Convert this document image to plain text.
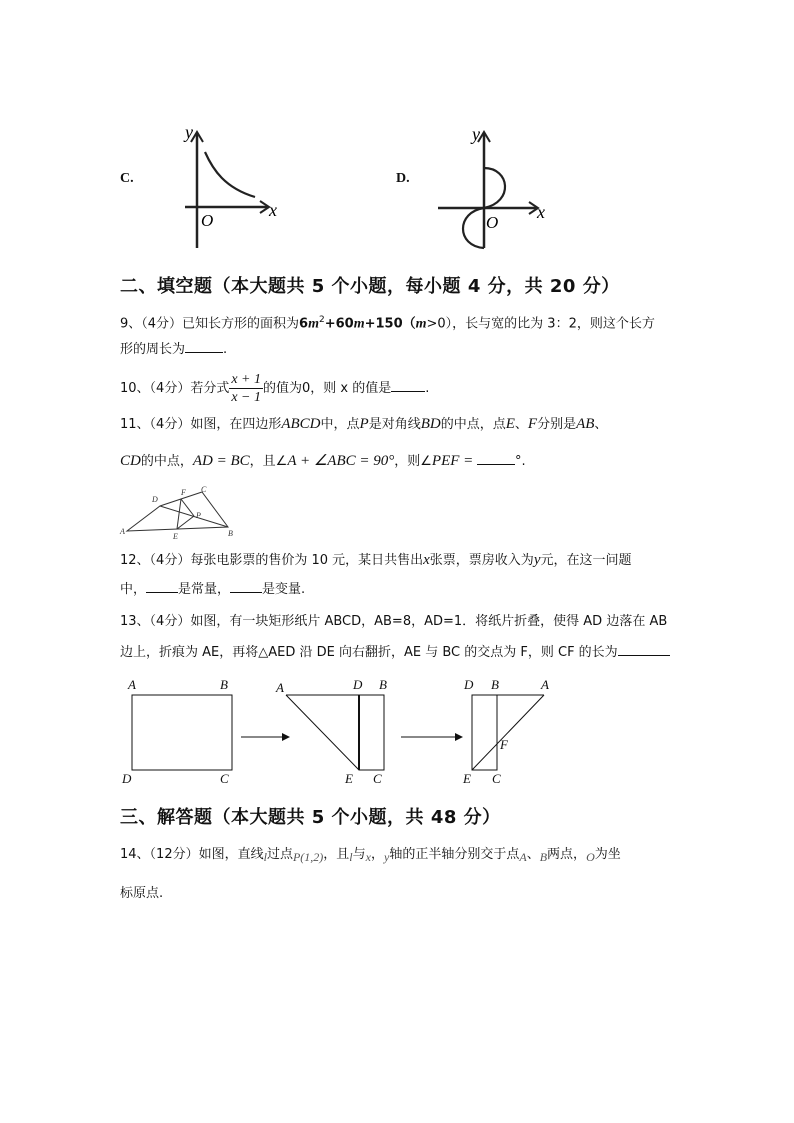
C.
y
x
O
D.
y
x
O
二、填空题（本大题共 5 个小题，每小题 4 分，共 20 分）
9、（4分）已知长方形的面积为$6m^2+60m+150(m>0)$，长与宽的比为 3：2，则这个长方
形的周长为	.
10、（4分）若分式 $\frac{x + 1}{x - 1}$ 的值为0，则 x 的值是	.
11、（4分）如图，在四边形ABCD中，点P是对角线BD的中点，点E、F分别是AB、
CD的中点，AD = BC，且∠A + ∠ABC = 90°，则∠PEF =	°.
A
D
F C
P
E	B
12、（4分）每张电影票的售价为 10 元，某日共售出x张票，票房收入为y元，在这一问题
中， 是常量， 是变量.
13、（4分）如图，有一块矩形纸片 ABCD，AB=8，AD=1．将纸片折叠，使得 AD 边落在 AB
边上，折痕为 AE，再将△AED 沿 DE 向右翻折，AE 与 BC 的交点为 F，则 CF 的长为
A	B
D	C
A	D B
E C
D B	A
F
E C
三、解答题（本大题共 5 个小题，共 48 分）
14、（12分）如图，直线l过点P(1,2)，且l与x，y轴的正半轴分别交于点A、B两点，O为坐
标原点.
